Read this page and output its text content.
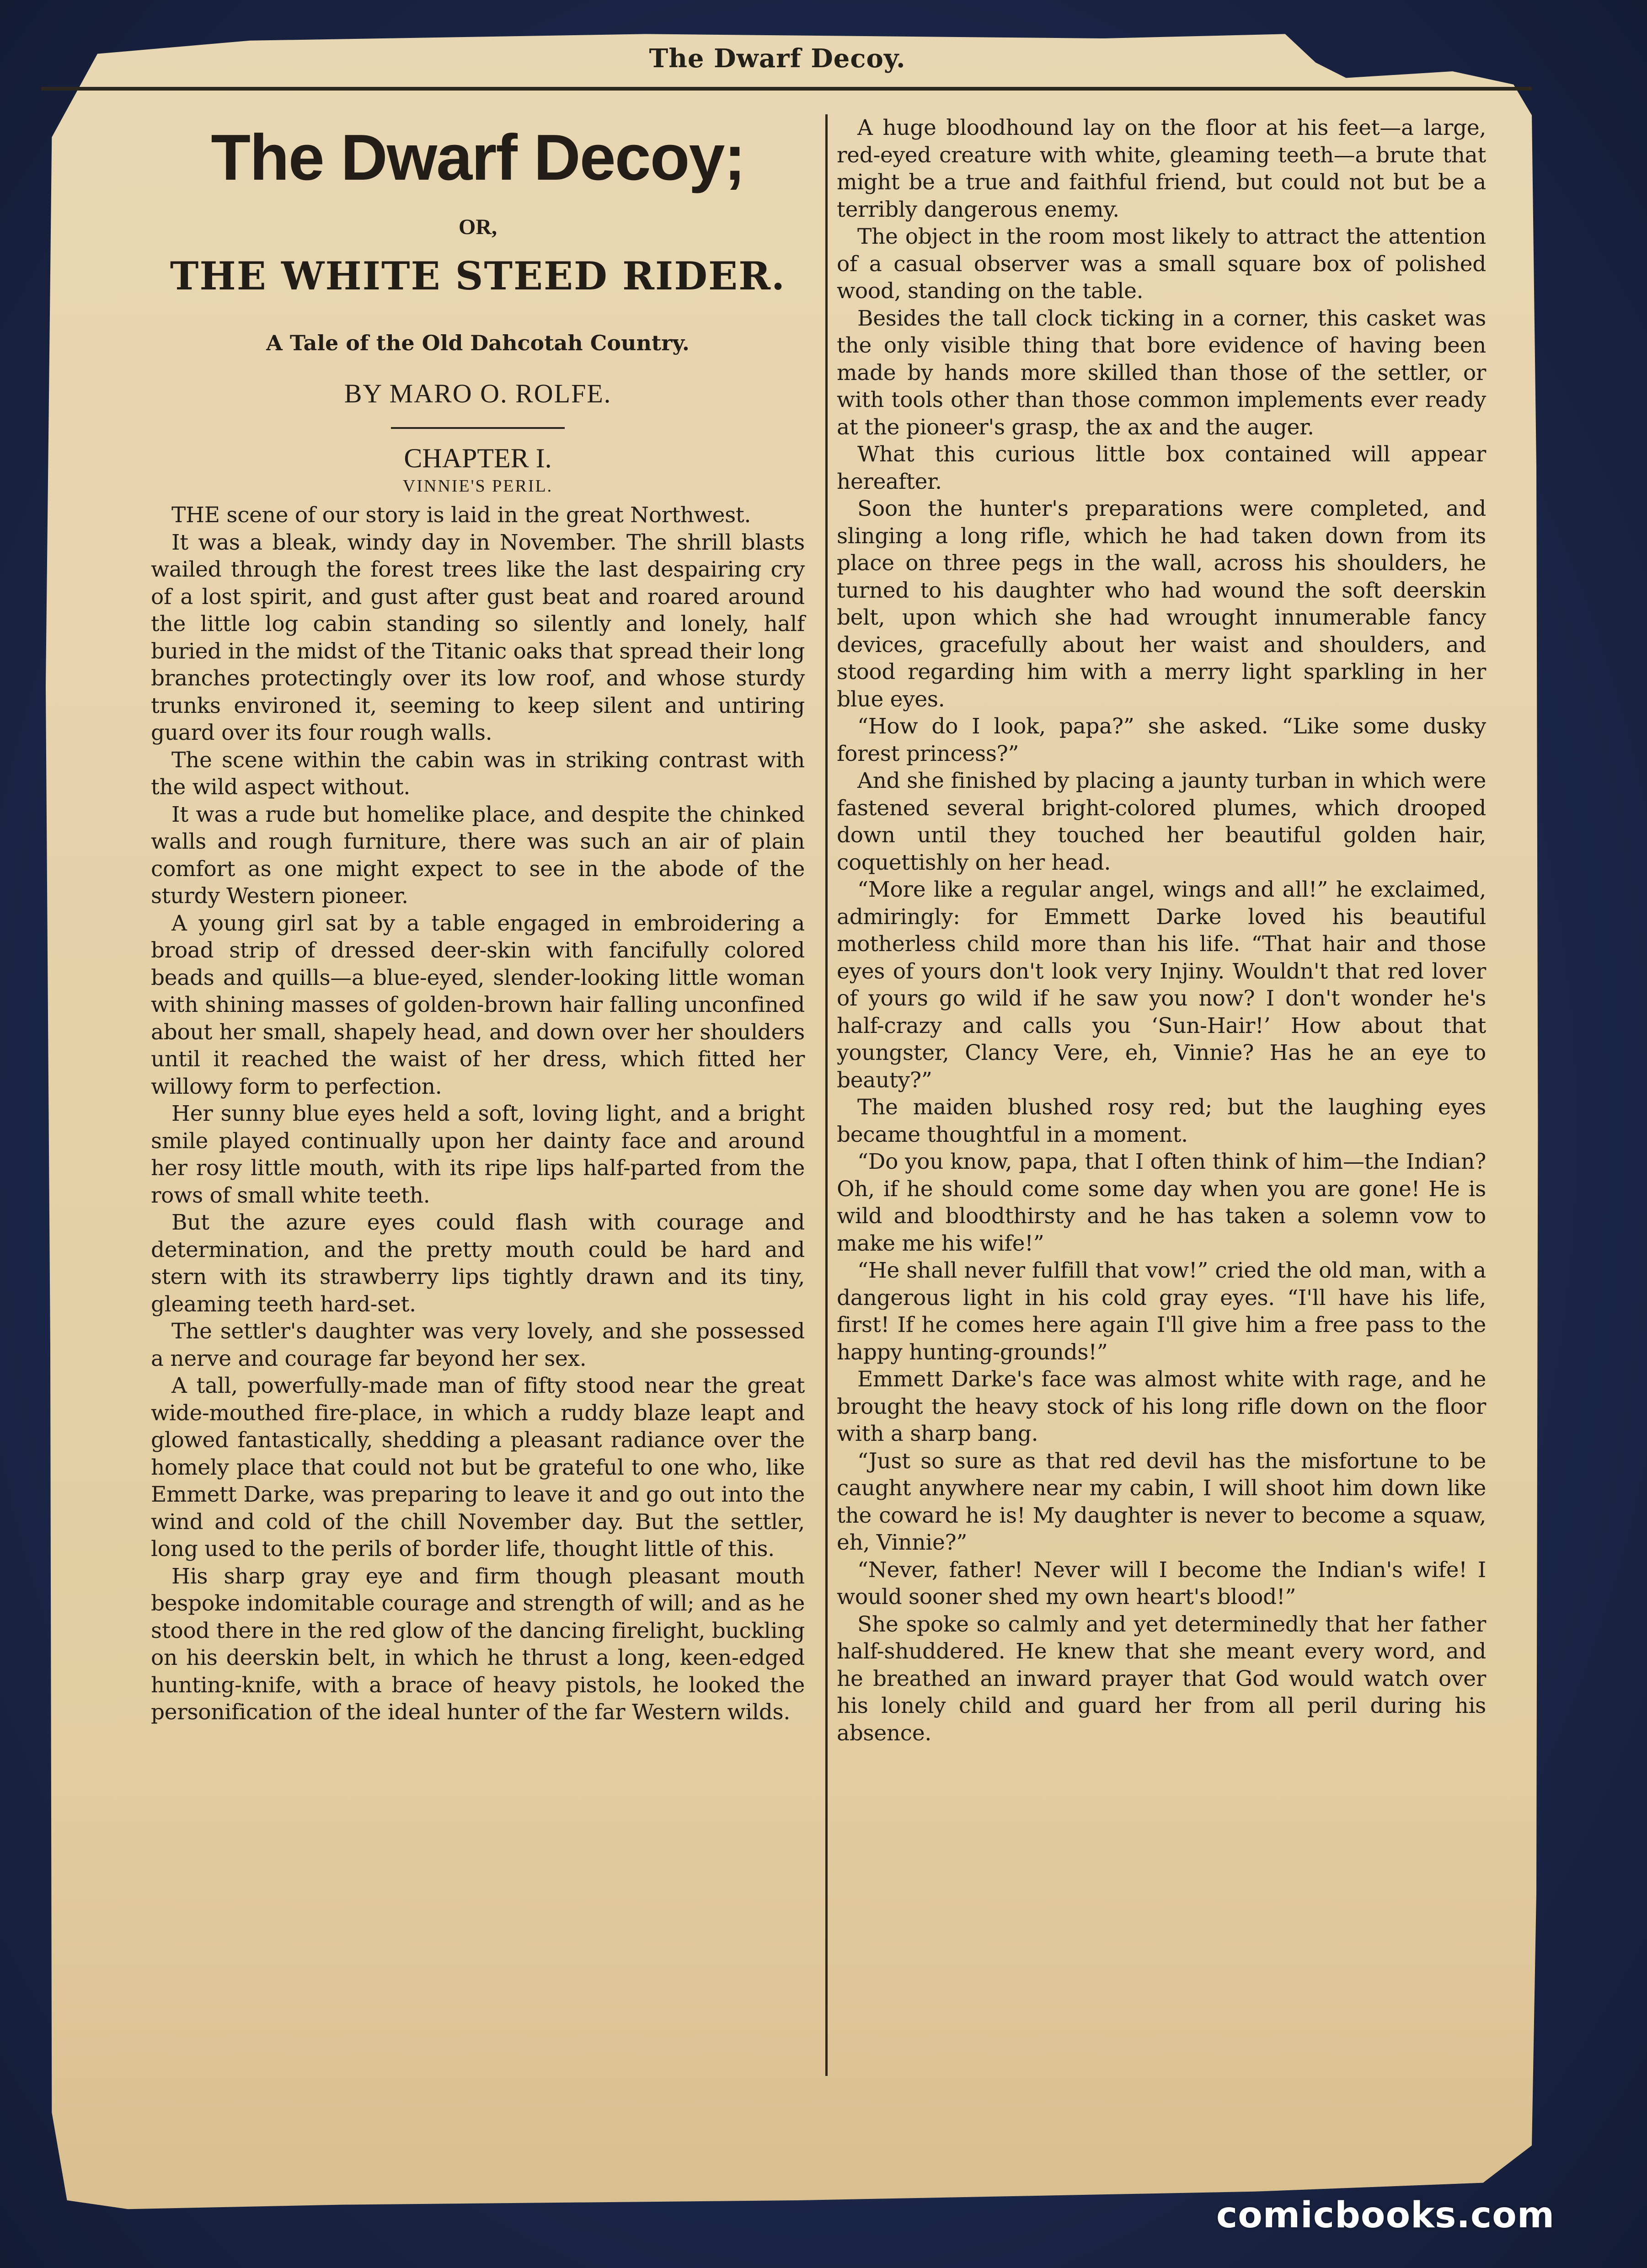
The Dwarf Decoy.
The Dwarf Decoy;
OR,
THE WHITE STEED RIDER.
A Tale of the Old Dahcotah Country.
BY MARO O. ROLFE.
CHAPTER I.
VINNIE'S PERIL.

THE scene of our story is laid in the great Northwest.

It was a bleak, windy day in November. The shrill blasts wailed through the forest trees like the last despairing cry of a lost spirit, and gust after gust beat and roared around the little log cabin standing so silently and lonely, half buried in the midst of the Titanic oaks that spread their long branches protectingly over its low roof, and whose sturdy trunks environed it, seeming to keep silent and untiring guard over its four rough walls.

The scene within the cabin was in striking contrast with the wild aspect without.

It was a rude but homelike place, and despite the chinked walls and rough furniture, there was such an air of plain comfort as one might expect to see in the abode of the sturdy Western pioneer.

A young girl sat by a table engaged in embroidering a broad strip of dressed deer-skin with fancifully colored beads and quills—a blue-eyed, slender-looking little woman with shining masses of golden-brown hair falling unconfined about her small, shapely head, and down over her shoulders until it reached the waist of her dress, which fitted her willowy form to perfection.

Her sunny blue eyes held a soft, loving light, and a bright smile played continually upon her dainty face and around her rosy little mouth, with its ripe lips half-parted from the rows of small white teeth.

But the azure eyes could flash with courage and determination, and the pretty mouth could be hard and stern with its strawberry lips tightly drawn and its tiny, gleaming teeth hard-set.

The settler's daughter was very lovely, and she possessed a nerve and courage far beyond her sex.

A tall, powerfully-made man of fifty stood near the great wide-mouthed fire-place, in which a ruddy blaze leapt and glowed fantastically, shedding a pleasant radiance over the homely place that could not but be grateful to one who, like Emmett Darke, was preparing to leave it and go out into the wind and cold of the chill November day. But the settler, long used to the perils of border life, thought little of this.

His sharp gray eye and firm though pleasant mouth bespoke indomitable courage and strength of will; and as he stood there in the red glow of the dancing firelight, buckling on his deerskin belt, in which he thrust a long, keen-edged hunting-knife, with a brace of heavy pistols, he looked the personification of the ideal hunter of the far Western wilds.

A huge bloodhound lay on the floor at his feet—a large, red-eyed creature with white, gleaming teeth—a brute that might be a true and faithful friend, but could not but be a terribly dangerous enemy.

The object in the room most likely to attract the attention of a casual observer was a small square box of polished wood, standing on the table.

Besides the tall clock ticking in a corner, this casket was the only visible thing that bore evidence of having been made by hands more skilled than those of the settler, or with tools other than those common implements ever ready at the pioneer's grasp, the ax and the auger.

What this curious little box contained will appear hereafter.

Soon the hunter's preparations were completed, and slinging a long rifle, which he had taken down from its place on three pegs in the wall, across his shoulders, he turned to his daughter who had wound the soft deerskin belt, upon which she had wrought innumerable fancy devices, gracefully about her waist and shoulders, and stood regarding him with a merry light sparkling in her blue eyes.

“How do I look, papa?” she asked. “Like some dusky forest princess?”

And she finished by placing a jaunty turban in which were fastened several bright-colored plumes, which drooped down until they touched her beautiful golden hair, coquettishly on her head.

“More like a regular angel, wings and all!” he exclaimed, admiringly: for Emmett Darke loved his beautiful motherless child more than his life. “That hair and those eyes of yours don't look very Injiny. Wouldn't that red lover of yours go wild if he saw you now? I don't wonder he's half-crazy and calls you ‘Sun-Hair!’ How about that youngster, Clancy Vere, eh, Vinnie? Has he an eye to beauty?”

The maiden blushed rosy red; but the laughing eyes became thoughtful in a moment.

“Do you know, papa, that I often think of him—the Indian? Oh, if he should come some day when you are gone! He is wild and bloodthirsty and he has taken a solemn vow to make me his wife!”

“He shall never fulfill that vow!” cried the old man, with a dangerous light in his cold gray eyes. “I'll have his life, first! If he comes here again I'll give him a free pass to the happy hunting-grounds!”

Emmett Darke's face was almost white with rage, and he brought the heavy stock of his long rifle down on the floor with a sharp bang.

“Just so sure as that red devil has the misfortune to be caught anywhere near my cabin, I will shoot him down like the coward he is! My daughter is never to become a squaw, eh, Vinnie?”

“Never, father! Never will I become the Indian's wife! I would sooner shed my own heart's blood!”

She spoke so calmly and yet determinedly that her father half-shuddered. He knew that she meant every word, and he breathed an inward prayer that God would watch over his lonely child and guard her from all peril during his absence.

comicbooks.com
